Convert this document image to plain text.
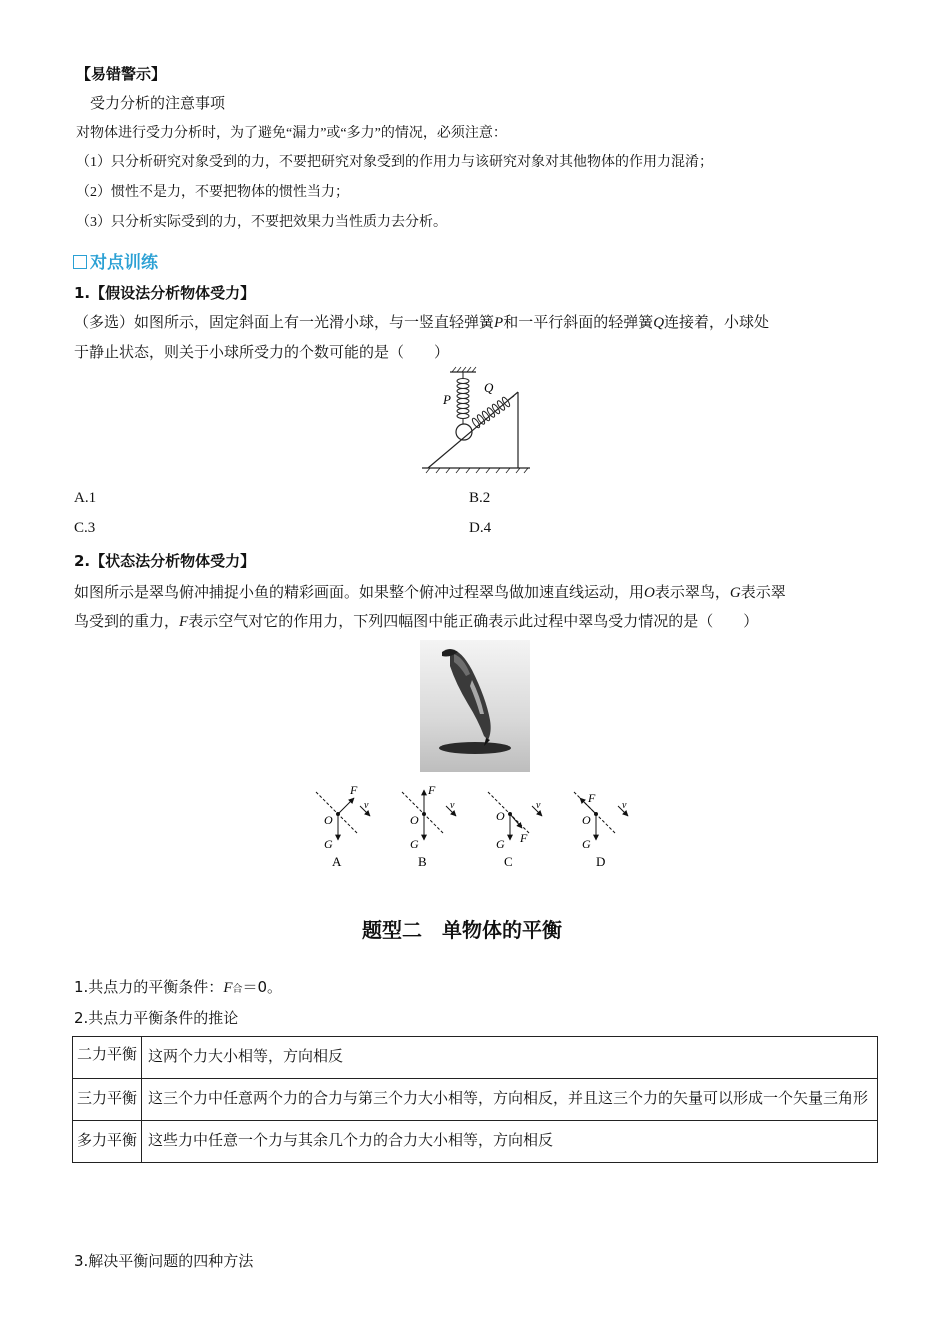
【易错警示】
受力分析的注意事项
对物体进行受力分析时，为了避免“漏力”或“多力”的情况，必须注意：
（1）只分析研究对象受到的力，不要把研究对象受到的作用力与该研究对象对其他物体的作用力混淆；
（2）惯性不是力，不要把物体的惯性当力；
（3）只分析实际受到的力，不要把效果力当性质力去分析。
对点训练
1.【假设法分析物体受力】
（多选）如图所示，固定斜面上有一光滑小球，与一竖直轻弹簧P和一平行斜面的轻弹簧Q连接着，小球处
于静止状态，则关于小球所受力的个数可能的是（　　）
P
Q
A.1	B.2
C.3	D.4
2.【状态法分析物体受力】
如图所示是翠鸟俯冲捕捉小鱼的精彩画面。如果整个俯冲过程翠鸟做加速直线运动，用O表示翠鸟，G表示翠
鸟受到的重力，F表示空气对它的作用力，下列四幅图中能正确表示此过程中翠鸟受力情况的是（　　）
F
O
G
v
A
F
O
G
v
B
F
O
G
v
C
F
O
G
v
D
题型二　单物体的平衡
1.共点力的平衡条件：F合＝0。
2.共点力平衡条件的推论
二力平衡	这两个力大小相等，方向相反
三力平衡	这三个力中任意两个力的合力与第三个力大小相等，方向相反，并且这三个力的矢量可以形成一个矢量三角形
多力平衡	这些力中任意一个力与其余几个力的合力大小相等，方向相反
3.解决平衡问题的四种方法
